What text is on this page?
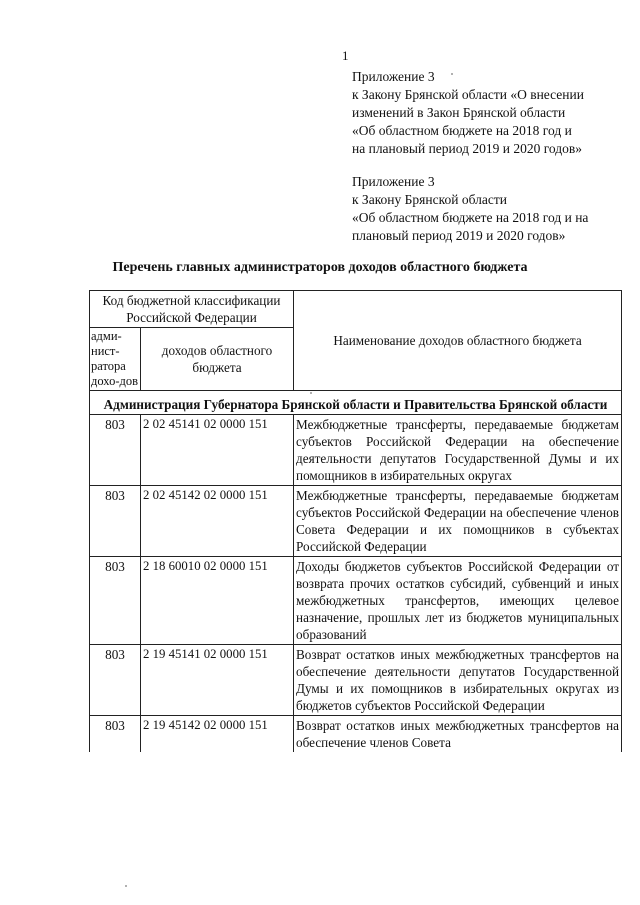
1
Приложение 3
к Закону Брянской области «О внесении
изменений в Закон Брянской области
«Об областном бюджете на 2018 год и
на плановый период 2019 и 2020 годов»
Приложение 3
к Закону Брянской области
«Об областном бюджете на 2018 год и на
плановый период 2019 и 2020 годов»
Перечень главных администраторов доходов областного бюджета
Код бюджетной классификации Российской Федерации		Наименование доходов областного бюджета
адми-нист-ратора дохо-дов	доходов областного бюджета	
Администрация Губернатора Брянской области и Правительства Брянской области		
803	2 02 45141 02 0000 151	Межбюджетные трансферты, передаваемые бюджетам субъектов Российской Федерации на обеспечение деятельности депутатов Государственной Думы и их помощников в избирательных округах
803	2 02 45142 02 0000 151	Межбюджетные трансферты, передаваемые бюджетам субъектов Российской Федерации на обеспечение членов Совета Федерации и их помощников в субъектах Российской Федерации
803	2 18 60010 02 0000 151	Доходы бюджетов субъектов Российской Федерации от возврата прочих остатков субсидий, субвенций и иных межбюджетных трансфертов, имеющих целевое назначение, прошлых лет из бюджетов муниципальных образований
803	2 19 45141 02 0000 151	Возврат остатков иных межбюджетных трансфертов на обеспечение деятельности депутатов Государственной Думы и их помощников в избирательных округах из бюджетов субъектов Российской Федерации
803	2 19 45142 02 0000 151	Возврат остатков иных межбюджетных трансфертов на обеспечение членов Совета
